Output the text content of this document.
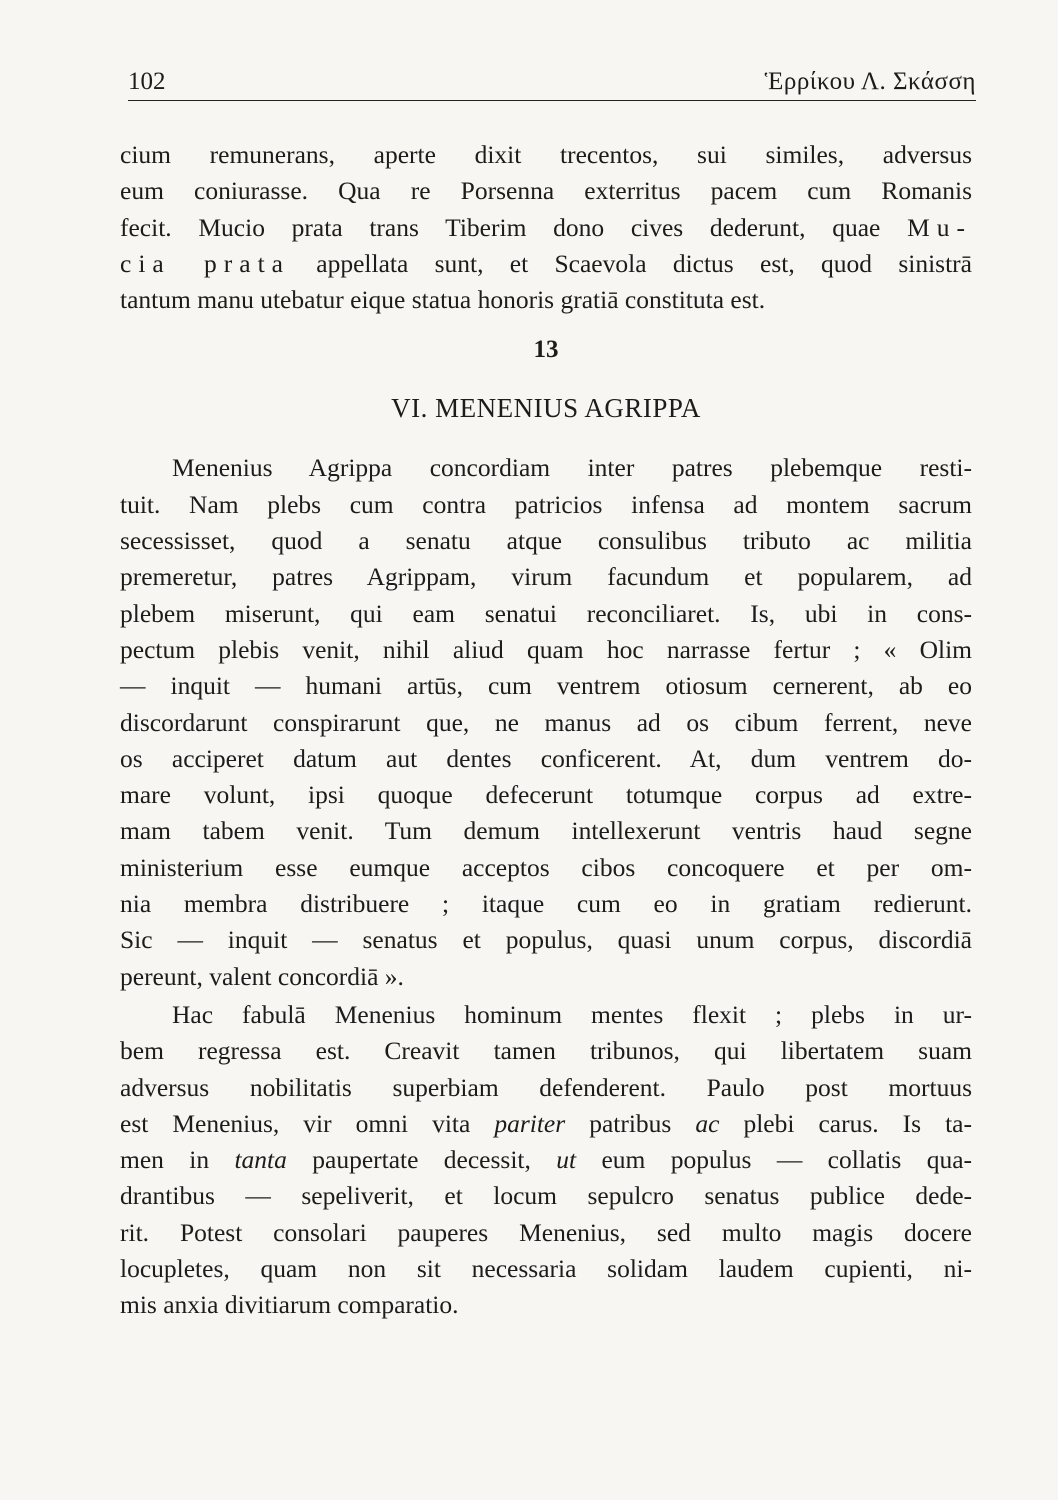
102	Ἑρρίκου Λ. Σκάσση
cium remunerans, aperte dixit trecentos, sui similes, adversus
eum coniurasse. Qua re Porsenna exterritus pacem cum Romanis
fecit. Mucio prata trans Tiberim dono cives dederunt, quae Mu-
cia prata appellata sunt, et Scaevola dictus est, quod sinistrā
tantum manu utebatur eique statua honoris gratiā constituta est.
13
VI. MENENIUS AGRIPPA
Menenius Agrippa concordiam inter patres plebemque resti-
tuit. Nam plebs cum contra patricios infensa ad montem sacrum
secessisset, quod a senatu atque consulibus tributo ac militia
premeretur, patres Agrippam, virum facundum et popularem, ad
plebem miserunt, qui eam senatui reconciliaret. Is, ubi in cons-
pectum plebis venit, nihil aliud quam hoc narrasse fertur ; « Olim
— inquit — humani artūs, cum ventrem otiosum cernerent, ab eo
discordarunt conspirarunt que, ne manus ad os cibum ferrent, neve
os acciperet datum aut dentes conficerent. At, dum ventrem do-
mare volunt, ipsi quoque defecerunt totumque corpus ad extre-
mam tabem venit. Tum demum intellexerunt ventris haud segne
ministerium esse eumque acceptos cibos concoquere et per om-
nia membra distribuere ; itaque cum eo in gratiam redierunt.
Sic — inquit — senatus et populus, quasi unum corpus, discordiā
pereunt, valent concordiā ».
Hac fabulā Menenius hominum mentes flexit ; plebs in ur-
bem regressa est. Creavit tamen tribunos, qui libertatem suam
adversus nobilitatis superbiam defenderent. Paulo post mortuus
est Menenius, vir omni vita pariter patribus ac plebi carus. Is ta-
men in tanta paupertate decessit, ut eum populus — collatis qua-
drantibus — sepeliverit, et locum sepulcro senatus publice dede-
rit. Potest consolari pauperes Menenius, sed multo magis docere
locupletes, quam non sit necessaria solidam laudem cupienti, ni-
mis anxia divitiarum comparatio.
